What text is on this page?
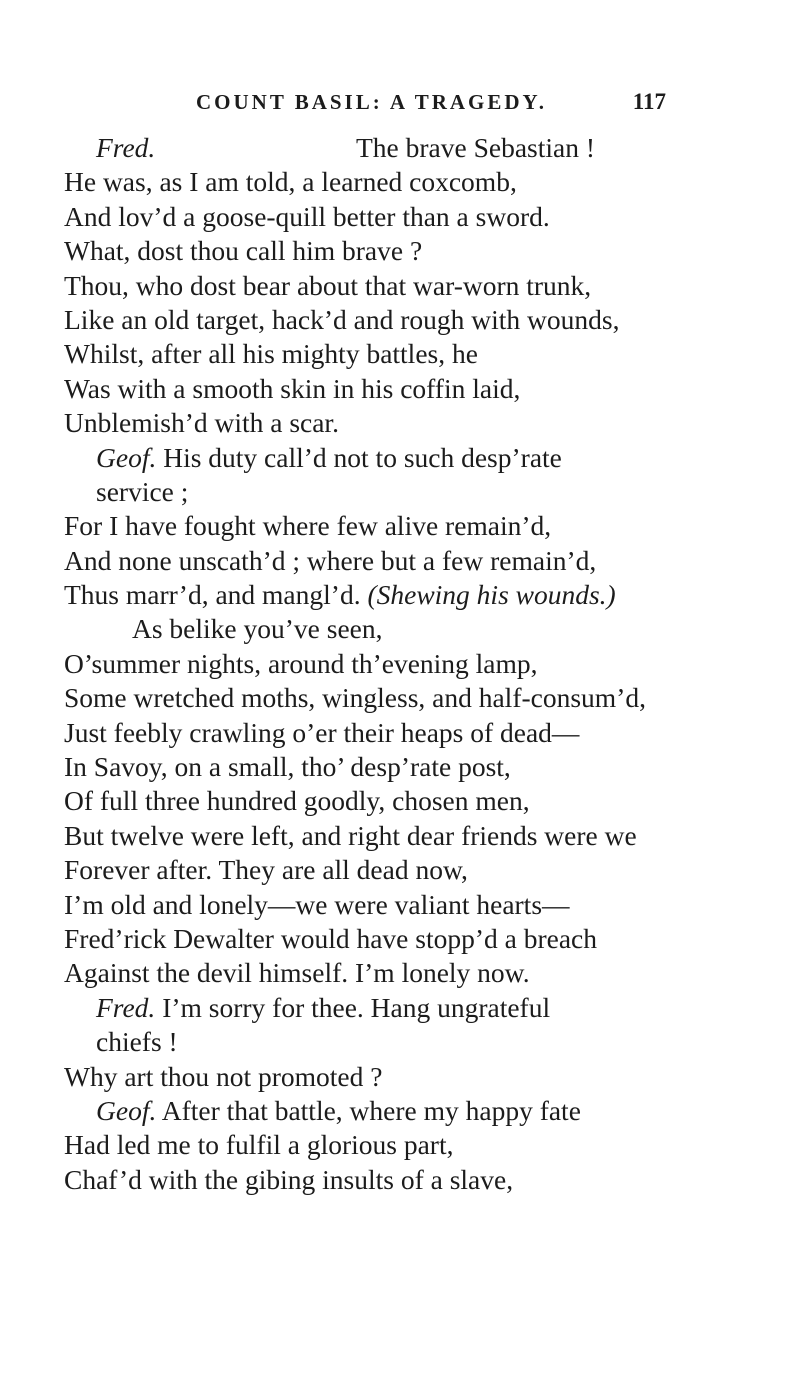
COUNT BASIL: A TRAGEDY.	117
Fred.	The brave Sebastian !
He was, as I am told, a learned coxcomb,
And lov’d a goose-quill better than a sword.
What, dost thou call him brave ?
Thou, who dost bear about that war-worn trunk,
Like an old target, hack’d and rough with wounds,
Whilst, after all his mighty battles, he
Was with a smooth skin in his coffin laid,
Unblemish’d with a scar.
Geof. His duty call’d not to such desp’rate
service ;
For I have fought where few alive remain’d,
And none unscath’d ; where but a few remain’d,
Thus marr’d, and mangl’d. (Shewing his wounds.)
As belike you’ve seen,
O’summer nights, around th’evening lamp,
Some wretched moths, wingless, and half-consum’d,
Just feebly crawling o’er their heaps of dead—
In Savoy, on a small, tho’ desp’rate post,
Of full three hundred goodly, chosen men,
But twelve were left, and right dear friends were we
Forever after. They are all dead now,
I’m old and lonely—we were valiant hearts—
Fred’rick Dewalter would have stopp’d a breach
Against the devil himself. I’m lonely now.
Fred. I’m sorry for thee. Hang ungrateful
chiefs !
Why art thou not promoted ?
Geof. After that battle, where my happy fate
Had led me to fulfil a glorious part,
Chaf’d with the gibing insults of a slave,
